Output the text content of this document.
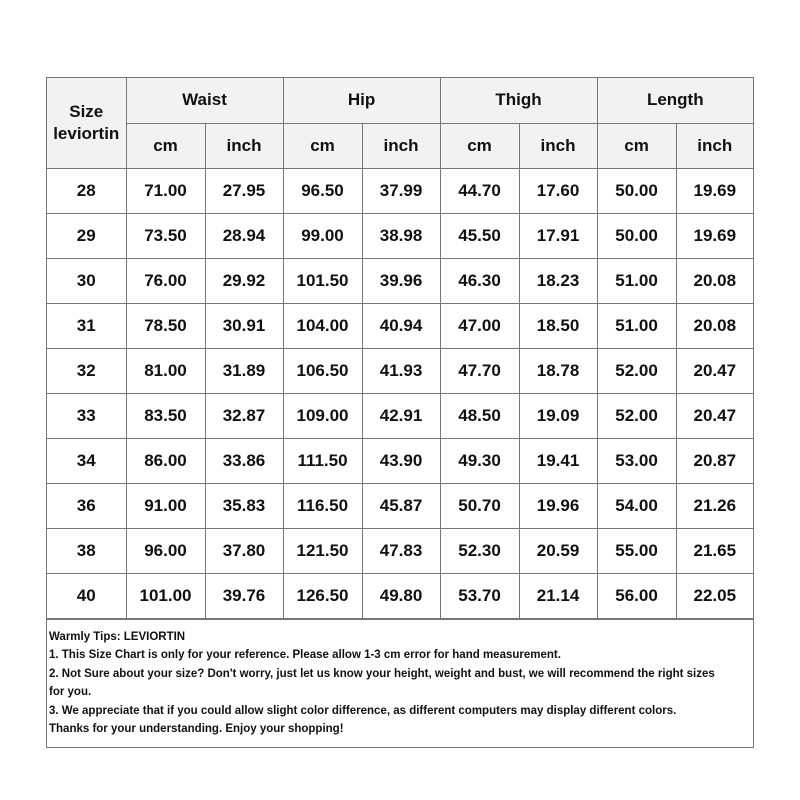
Size
leviortin	Waist		Hip		Thigh		Length	
	cm	inch	cm	inch	cm	inch	cm	inch
28	71.00	27.95	96.50	37.99	44.70	17.60	50.00	19.69
29	73.50	28.94	99.00	38.98	45.50	17.91	50.00	19.69
30	76.00	29.92	101.50	39.96	46.30	18.23	51.00	20.08
31	78.50	30.91	104.00	40.94	47.00	18.50	51.00	20.08
32	81.00	31.89	106.50	41.93	47.70	18.78	52.00	20.47
33	83.50	32.87	109.00	42.91	48.50	19.09	52.00	20.47
34	86.00	33.86	111.50	43.90	49.30	19.41	53.00	20.87
36	91.00	35.83	116.50	45.87	50.70	19.96	54.00	21.26
38	96.00	37.80	121.50	47.83	52.30	20.59	55.00	21.65
40	101.00	39.76	126.50	49.80	53.70	21.14	56.00	22.05
Warmly Tips: LEVIORTIN
1. This Size Chart is only for your reference. Please allow 1-3 cm error for hand measurement.
2. Not Sure about your size? Don't worry, just let us know your height, weight and bust, we will recommend the right sizes
for you.
3. We appreciate that if you could allow slight color difference, as different computers may display different colors.
Thanks for your understanding. Enjoy your shopping!
